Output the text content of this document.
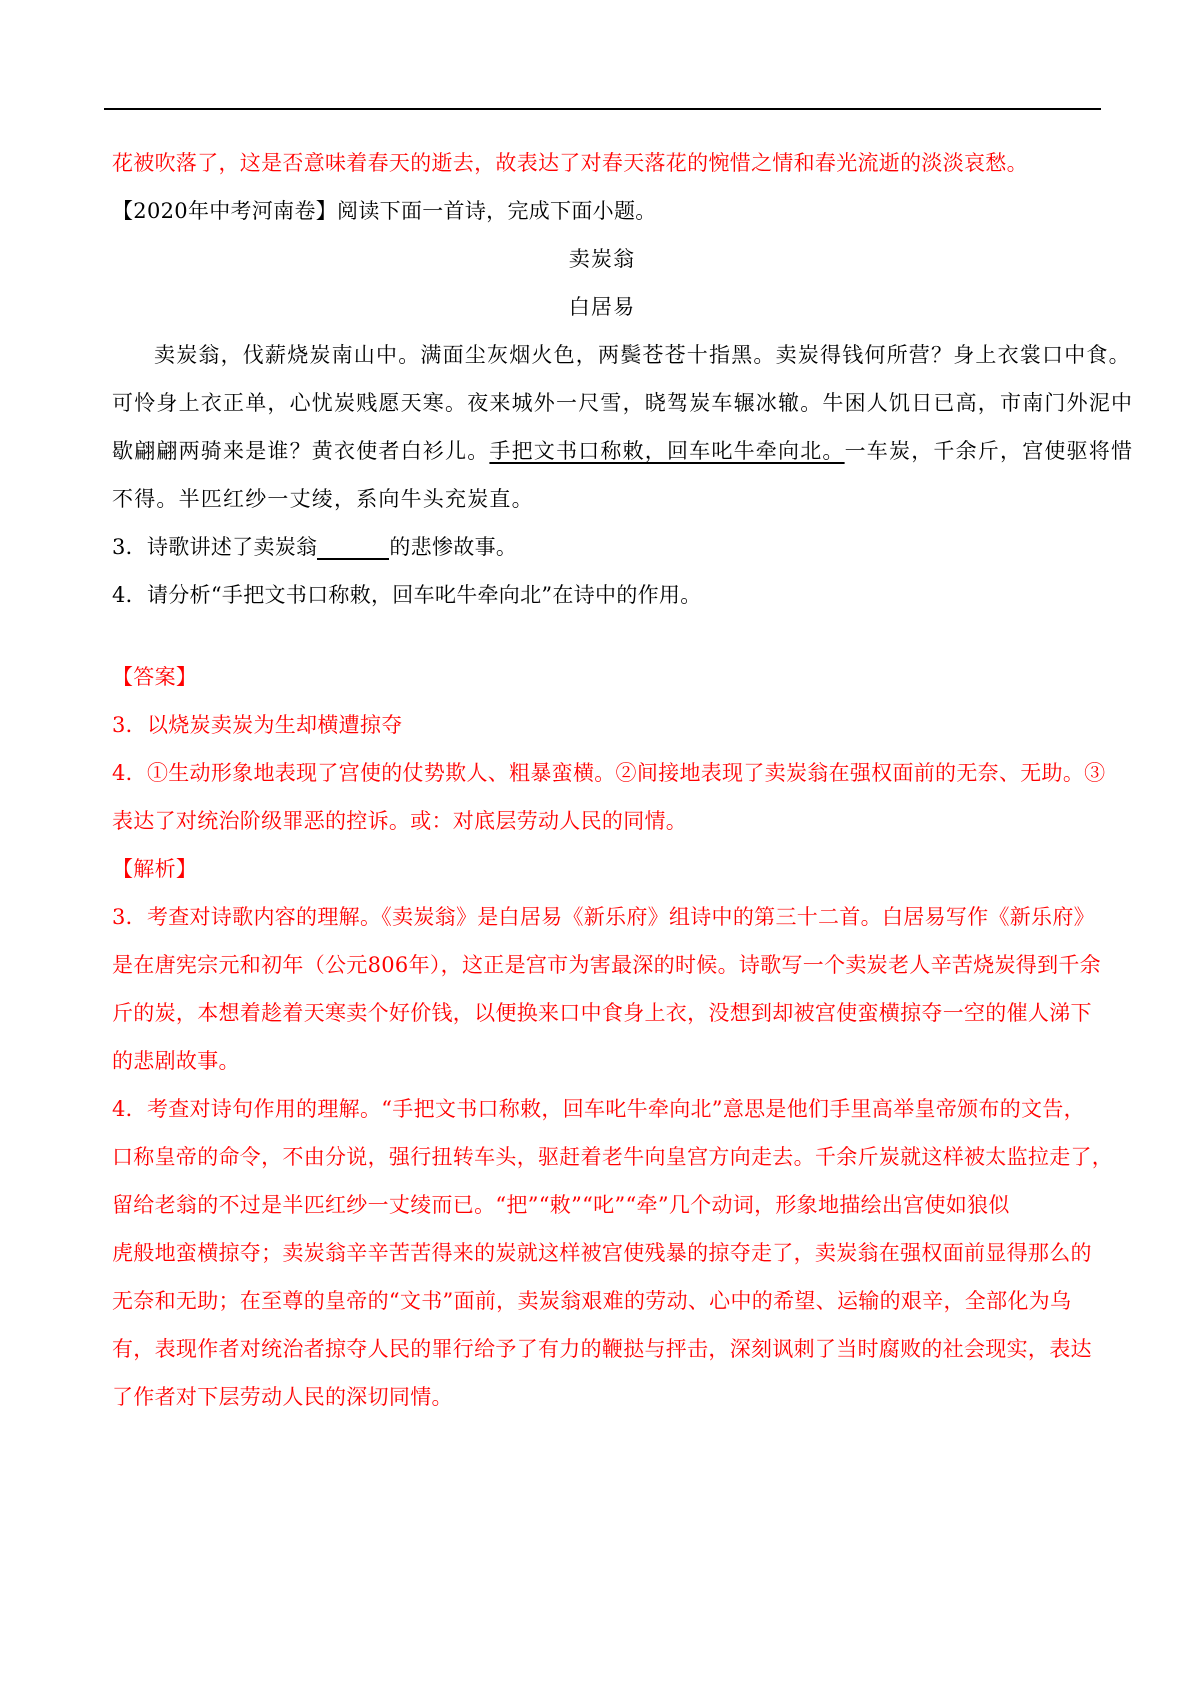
花被吹落了，这是否意味着春天的逝去，故表达了对春天落花的惋惜之情和春光流逝的淡淡哀愁。

【2020年中考河南卷】阅读下面一首诗，完成下面小题。

卖炭翁

白居易

卖炭翁，伐薪烧炭南山中。满面尘灰烟火色，两鬓苍苍十指黑。卖炭得钱何所营？身上衣裳口中食。

可怜身上衣正单，心忧炭贱愿天寒。夜来城外一尺雪，晓驾炭车辗冰辙。牛困人饥日已高，市南门外泥中

歇翩翩两骑来是谁？黄衣使者白衫儿。手把文书口称敕，回车叱牛牵向北。一车炭，千余斤，宫使驱将惜

不得。半匹红纱一丈绫，系向牛头充炭直。

3．诗歌讲述了卖炭翁	的悲惨故事。

4．请分析“手把文书口称敕，回车叱牛牵向北”在诗中的作用。

【答案】

3．以烧炭卖炭为生却横遭掠夺

4．①生动形象地表现了宫使的仗势欺人、粗暴蛮横。②间接地表现了卖炭翁在强权面前的无奈、无助。③

表达了对统治阶级罪恶的控诉。或：对底层劳动人民的同情。

【解析】

3．考查对诗歌内容的理解。《卖炭翁》是白居易《新乐府》组诗中的第三十二首。白居易写作《新乐府》

是在唐宪宗元和初年（公元806年），这正是宫市为害最深的时候。诗歌写一个卖炭老人辛苦烧炭得到千余

斤的炭，本想着趁着天寒卖个好价钱，以便换来口中食身上衣，没想到却被宫使蛮横掠夺一空的催人涕下

的悲剧故事。

4．考查对诗句作用的理解。“手把文书口称敕，回车叱牛牵向北”意思是他们手里高举皇帝颁布的文告，

口称皇帝的命令，不由分说，强行扭转车头，驱赶着老牛向皇宫方向走去。千余斤炭就这样被太监拉走了，

留给老翁的不过是半匹红纱一丈绫而已。“把”“敕”“叱”“牵”几个动词，形象地描绘出宫使如狼似

虎般地蛮横掠夺；卖炭翁辛辛苦苦得来的炭就这样被宫使残暴的掠夺走了，卖炭翁在强权面前显得那么的

无奈和无助；在至尊的皇帝的“文书”面前，卖炭翁艰难的劳动、心中的希望、运输的艰辛，全部化为乌

有，表现作者对统治者掠夺人民的罪行给予了有力的鞭挞与抨击，深刻讽刺了当时腐败的社会现实，表达

了作者对下层劳动人民的深切同情。
